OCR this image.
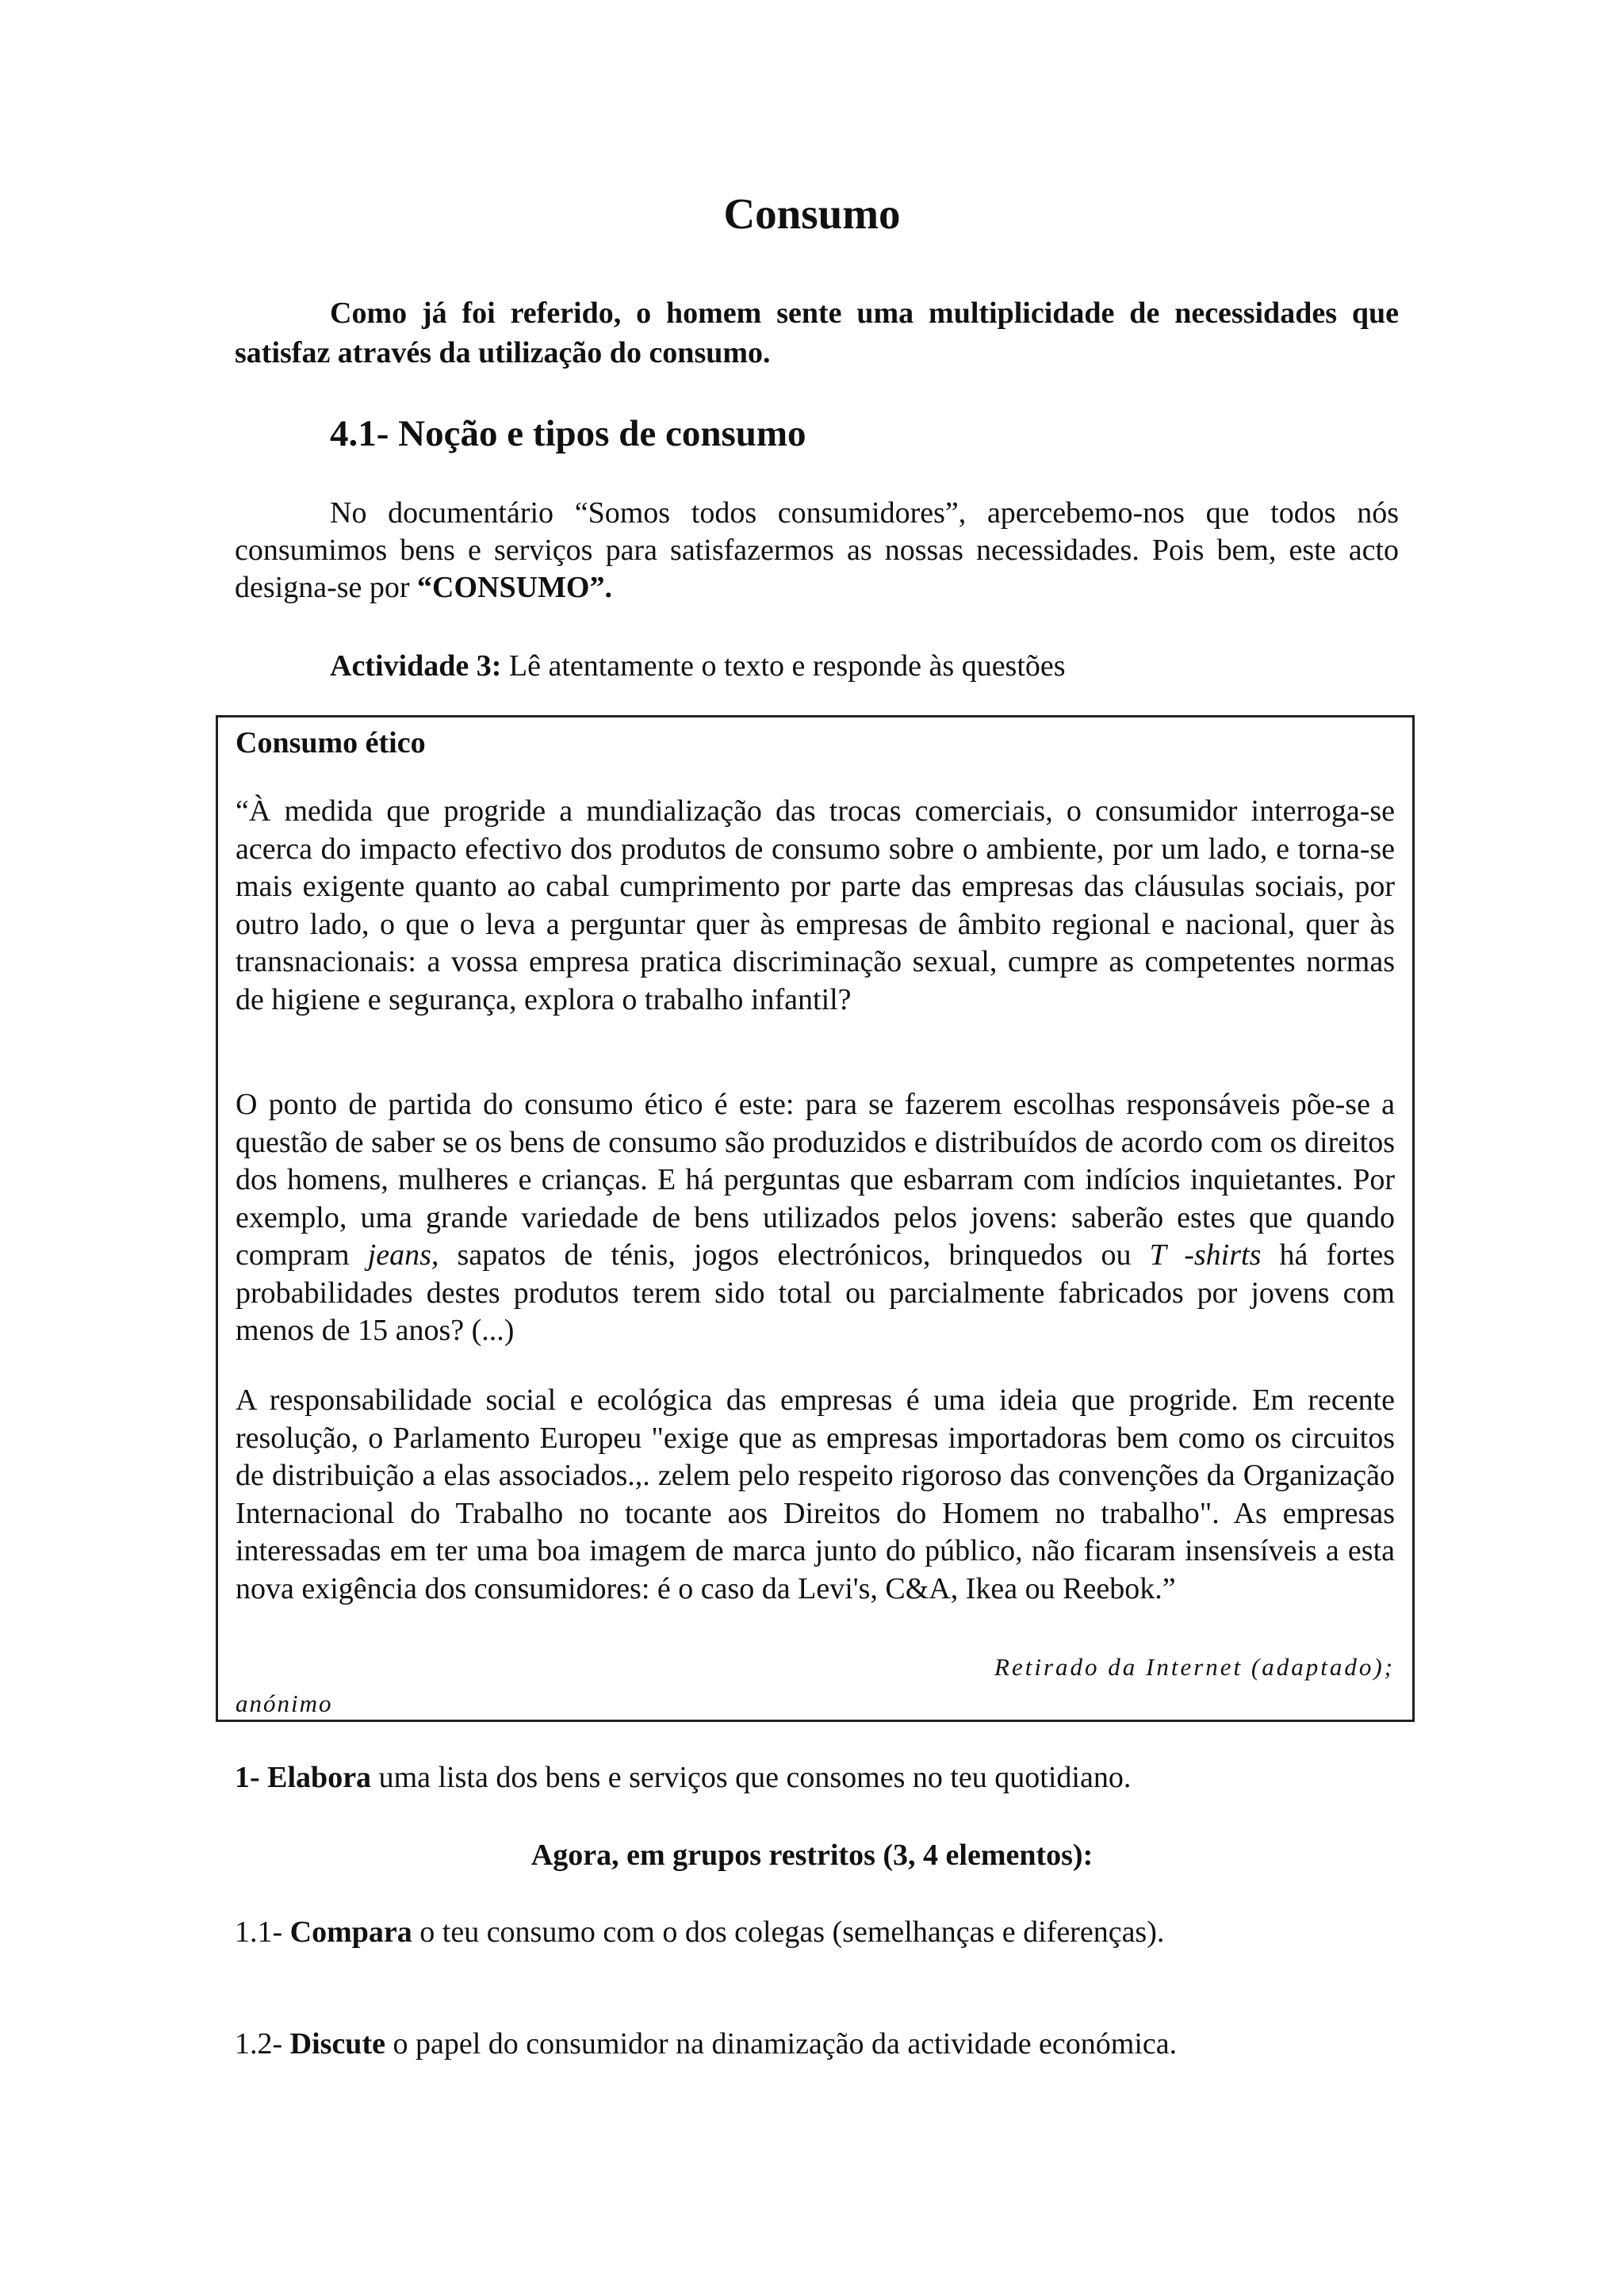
Consumo

Como já foi referido, o homem sente uma multiplicidade de necessidades que satisfaz através da utilização do consumo.

4.1- Noção e tipos de consumo

No documentário “Somos todos consumidores”, apercebemo-nos que todos nós consumimos bens e serviços para satisfazermos as nossas necessidades. Pois bem, este acto designa-se por “CONSUMO”.

Actividade 3: Lê atentamente o texto e responde às questões

Consumo ético

“À medida que progride a mundialização das trocas comerciais, o consumidor interroga-se acerca do impacto efectivo dos produtos de consumo sobre o ambiente, por um lado, e torna-se mais exigente quanto ao cabal cumprimento por parte das empresas das cláusulas sociais, por outro lado, o que o leva a perguntar quer às empresas de âmbito regional e nacional, quer às transnacionais: a vossa empresa pratica discriminação sexual, cumpre as competentes normas de higiene e segurança, explora o trabalho infantil?

O ponto de partida do consumo ético é este: para se fazerem escolhas responsáveis põe-se a questão de saber se os bens de consumo são produzidos e distribuídos de acordo com os direitos dos homens, mulheres e crianças. E há perguntas que esbarram com indícios inquietantes. Por exemplo, uma grande variedade de bens utilizados pelos jovens: saberão estes que quando compram jeans, sapatos de ténis, jogos electrónicos, brinquedos ou T -shirts há fortes probabilidades destes produtos terem sido total ou parcialmente fabricados por jovens com menos de 15 anos? (...)

A responsabilidade social e ecológica das empresas é uma ideia que progride. Em recente resolução, o Parlamento Europeu "exige que as empresas importadoras bem como os circuitos de distribuição a elas associados.,. zelem pelo respeito rigoroso das convenções da Organização Internacional do Trabalho no tocante aos Direitos do Homem no trabalho". As empresas interessadas em ter uma boa imagem de marca junto do público, não ficaram insensíveis a esta nova exigência dos consumidores: é o caso da Levi's, C&A, Ikea ou Reebok.”

Retirado da Internet (adaptado);

anónimo

1- Elabora uma lista dos bens e serviços que consomes no teu quotidiano.

Agora, em grupos restritos (3, 4 elementos):

1.1- Compara o teu consumo com o dos colegas (semelhanças e diferenças).

1.2- Discute o papel do consumidor na dinamização da actividade económica.
